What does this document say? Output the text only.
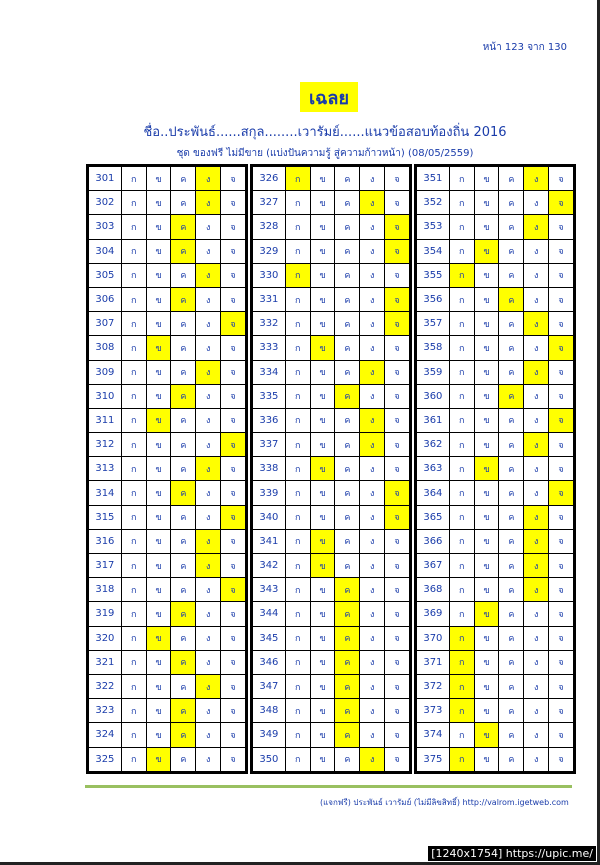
หน้า 123 จาก 130
เฉลย
ชื่อ..ประพันธ์......สกุล........เวารัมย์......แนวข้อสอบท้องถิ่น 2016
ชุด ของฟรี ไม่มีขาย (แบ่งปันความรู้ สู่ความก้าวหน้า) (08/05/2559)
301	ก	ข	ค	ง	จ
302	ก	ข	ค	ง	จ
303	ก	ข	ค	ง	จ
304	ก	ข	ค	ง	จ
305	ก	ข	ค	ง	จ
306	ก	ข	ค	ง	จ
307	ก	ข	ค	ง	จ
308	ก	ข	ค	ง	จ
309	ก	ข	ค	ง	จ
310	ก	ข	ค	ง	จ
311	ก	ข	ค	ง	จ
312	ก	ข	ค	ง	จ
313	ก	ข	ค	ง	จ
314	ก	ข	ค	ง	จ
315	ก	ข	ค	ง	จ
316	ก	ข	ค	ง	จ
317	ก	ข	ค	ง	จ
318	ก	ข	ค	ง	จ
319	ก	ข	ค	ง	จ
320	ก	ข	ค	ง	จ
321	ก	ข	ค	ง	จ
322	ก	ข	ค	ง	จ
323	ก	ข	ค	ง	จ
324	ก	ข	ค	ง	จ
325	ก	ข	ค	ง	จ
326	ก	ข	ค	ง	จ
327	ก	ข	ค	ง	จ
328	ก	ข	ค	ง	จ
329	ก	ข	ค	ง	จ
330	ก	ข	ค	ง	จ
331	ก	ข	ค	ง	จ
332	ก	ข	ค	ง	จ
333	ก	ข	ค	ง	จ
334	ก	ข	ค	ง	จ
335	ก	ข	ค	ง	จ
336	ก	ข	ค	ง	จ
337	ก	ข	ค	ง	จ
338	ก	ข	ค	ง	จ
339	ก	ข	ค	ง	จ
340	ก	ข	ค	ง	จ
341	ก	ข	ค	ง	จ
342	ก	ข	ค	ง	จ
343	ก	ข	ค	ง	จ
344	ก	ข	ค	ง	จ
345	ก	ข	ค	ง	จ
346	ก	ข	ค	ง	จ
347	ก	ข	ค	ง	จ
348	ก	ข	ค	ง	จ
349	ก	ข	ค	ง	จ
350	ก	ข	ค	ง	จ
351	ก	ข	ค	ง	จ
352	ก	ข	ค	ง	จ
353	ก	ข	ค	ง	จ
354	ก	ข	ค	ง	จ
355	ก	ข	ค	ง	จ
356	ก	ข	ค	ง	จ
357	ก	ข	ค	ง	จ
358	ก	ข	ค	ง	จ
359	ก	ข	ค	ง	จ
360	ก	ข	ค	ง	จ
361	ก	ข	ค	ง	จ
362	ก	ข	ค	ง	จ
363	ก	ข	ค	ง	จ
364	ก	ข	ค	ง	จ
365	ก	ข	ค	ง	จ
366	ก	ข	ค	ง	จ
367	ก	ข	ค	ง	จ
368	ก	ข	ค	ง	จ
369	ก	ข	ค	ง	จ
370	ก	ข	ค	ง	จ
371	ก	ข	ค	ง	จ
372	ก	ข	ค	ง	จ
373	ก	ข	ค	ง	จ
374	ก	ข	ค	ง	จ
375	ก	ข	ค	ง	จ
(แจกฟรี) ประพันธ์ เวารัมย์ (ไม่มีลิขสิทธิ์) http://valrom.igetweb.com
[1240x1754] https://upic.me/
